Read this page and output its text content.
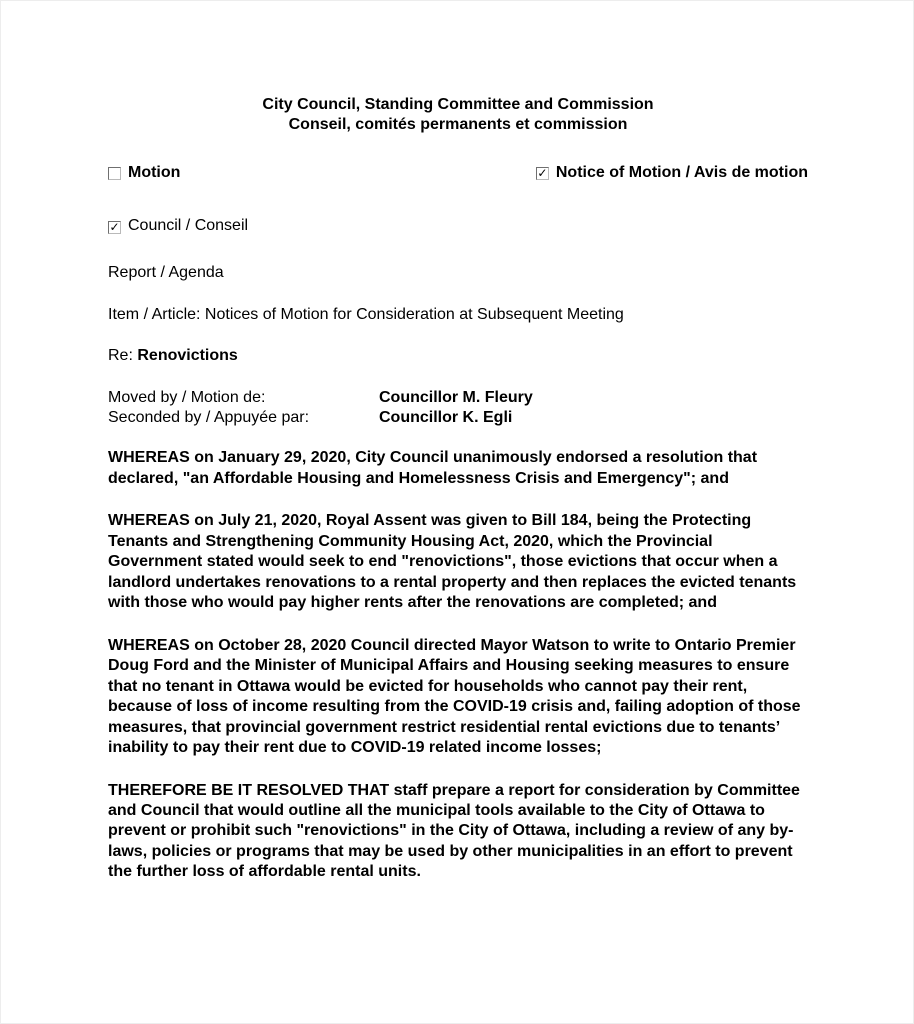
City Council, Standing Committee and Commission
Conseil, comités permanents et commission
Motion	✓ Notice of Motion / Avis de motion
✓ Council / Conseil

Report / Agenda

Item / Article: Notices of Motion for Consideration at Subsequent Meeting

Re: Renovictions

Moved by / Motion de:	Councillor M. Fleury
Seconded by / Appuyée par:	Councillor K. Egli

WHEREAS on January 29, 2020, City Council unanimously endorsed a resolution that declared, "an Affordable Housing and Homelessness Crisis and Emergency"; and

WHEREAS on July 21, 2020, Royal Assent was given to Bill 184, being the Protecting Tenants and Strengthening Community Housing Act, 2020, which the Provincial Government stated would seek to end "renovictions", those evictions that occur when a landlord undertakes renovations to a rental property and then replaces the evicted tenants with those who would pay higher rents after the renovations are completed; and

WHEREAS on October 28, 2020 Council directed Mayor Watson to write to Ontario Premier Doug Ford and the Minister of Municipal Affairs and Housing seeking measures to ensure that no tenant in Ottawa would be evicted for households who cannot pay their rent, because of loss of income resulting from the COVID-19 crisis and, failing adoption of those measures, that provincial government restrict residential rental evictions due to tenants’ inability to pay their rent due to COVID-19 related income losses;

THEREFORE BE IT RESOLVED THAT staff prepare a report for consideration by Committee and Council that would outline all the municipal tools available to the City of Ottawa to prevent or prohibit such "renovictions" in the City of Ottawa, including a review of any by-laws, policies or programs that may be used by other municipalities in an effort to prevent the further loss of affordable rental units.
